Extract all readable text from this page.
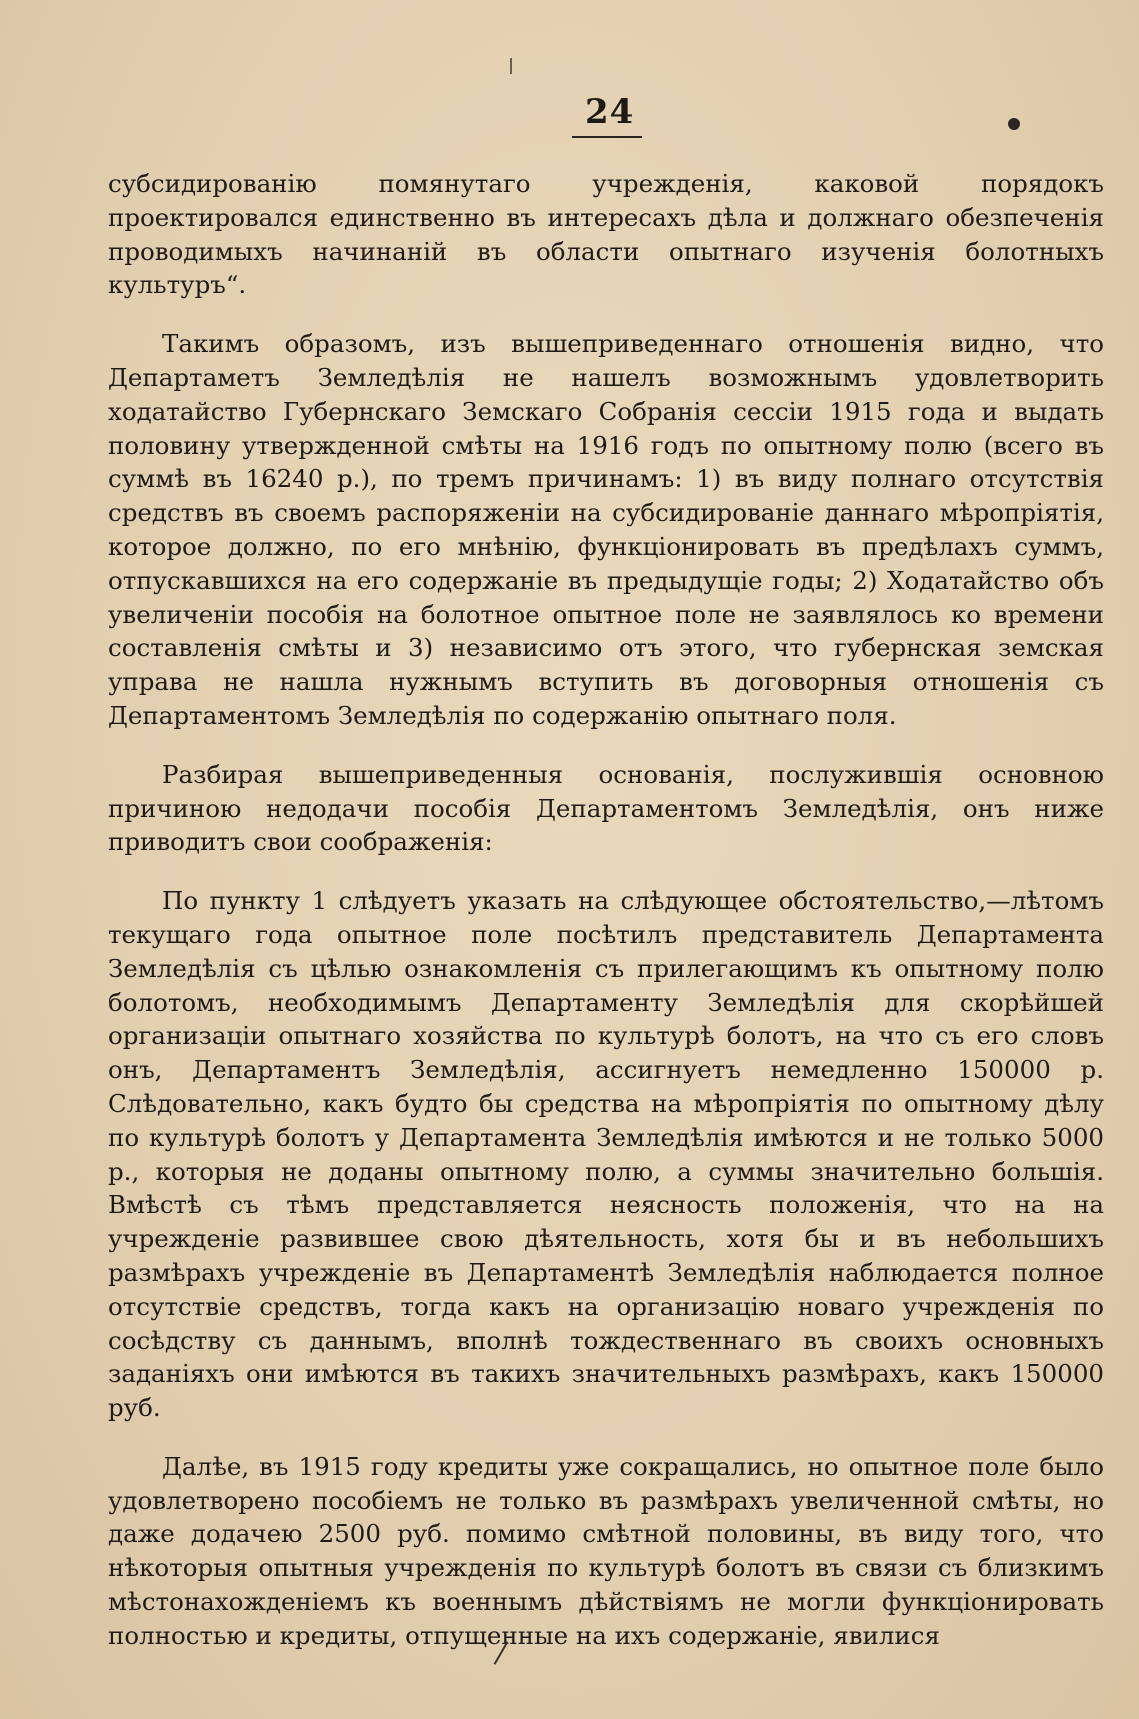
24

субсидированію помянутаго учрежденія, каковой порядокъ проектировался единственно въ интересахъ дѣла и должнаго обезпеченія проводимыхъ начинаній въ области опытнаго изученія болотныхъ культуръ“.

Такимъ образомъ, изъ вышеприведеннаго отношенія видно, что Департаметъ Земледѣлія не нашелъ возможнымъ удовлетворить ходатайство Губернскаго Земскаго Собранія сессіи 1915 года и выдать половину утвержденной смѣты на 1916 годъ по опытному полю (всего въ суммѣ въ 16240 р.), по тремъ причинамъ: 1) въ виду полнаго отсутствія средствъ въ своемъ распоряженіи на субсидированіе даннаго мѣропріятія, которое должно, по его мнѣнію, функціонировать въ предѣлахъ суммъ, отпускавшихся на его содержаніе въ предыдущіе годы; 2) Ходатайство объ увеличеніи пособія на болотное опытное поле не заявлялось ко времени составленія смѣты и 3) независимо отъ этого, что губернская земская управа не нашла нужнымъ вступить въ договорныя отношенія съ Департаментомъ Земледѣлія по содержанію опытнаго поля.

Разбирая вышеприведенныя основанія, послужившія основною причиною недодачи пособія Департаментомъ Земледѣлія, онъ ниже приводитъ свои соображенія:

По пункту 1 слѣдуетъ указать на слѣдующее обстоятельство,—лѣтомъ текущаго года опытное поле посѣтилъ представитель Департамента Земледѣлія съ цѣлью ознакомленія съ прилегающимъ къ опытному полю болотомъ, необходимымъ Департаменту Земледѣлія для скорѣйшей организаціи опытнаго хозяйства по культурѣ болотъ, на что съ его словъ онъ, Департаментъ Земледѣлія, ассигнуетъ немедленно 150000 р. Слѣдовательно, какъ будто бы средства на мѣропріятія по опытному дѣлу по культурѣ болотъ у Департамента Земледѣлія имѣются и не только 5000 р., которыя не доданы опытному полю, а суммы значительно большія. Вмѣстѣ съ тѣмъ представляется неясность положенія, что на на учрежденіе развившее свою дѣятельность, хотя бы и въ небольшихъ размѣрахъ учрежденіе въ Департаментѣ Земледѣлія наблюдается полное отсутствіе средствъ, тогда какъ на организацію новаго учрежденія по сосѣдству съ даннымъ, вполнѣ тождественнаго въ своихъ основныхъ заданіяхъ они имѣются въ такихъ значительныхъ размѣрахъ, какъ 150000 руб.

Далѣе, въ 1915 году кредиты уже сокращались, но опытное поле было удовлетворено пособіемъ не только въ размѣрахъ увеличенной смѣты, но даже додачею 2500 руб. помимо смѣтной половины, въ виду того, что нѣкоторыя опытныя учрежденія по культурѣ болотъ въ связи съ близкимъ мѣстонахожденіемъ къ военнымъ дѣйствіямъ не могли функціонировать полностью и кредиты, отпущенные на ихъ содержаніе, явилися
